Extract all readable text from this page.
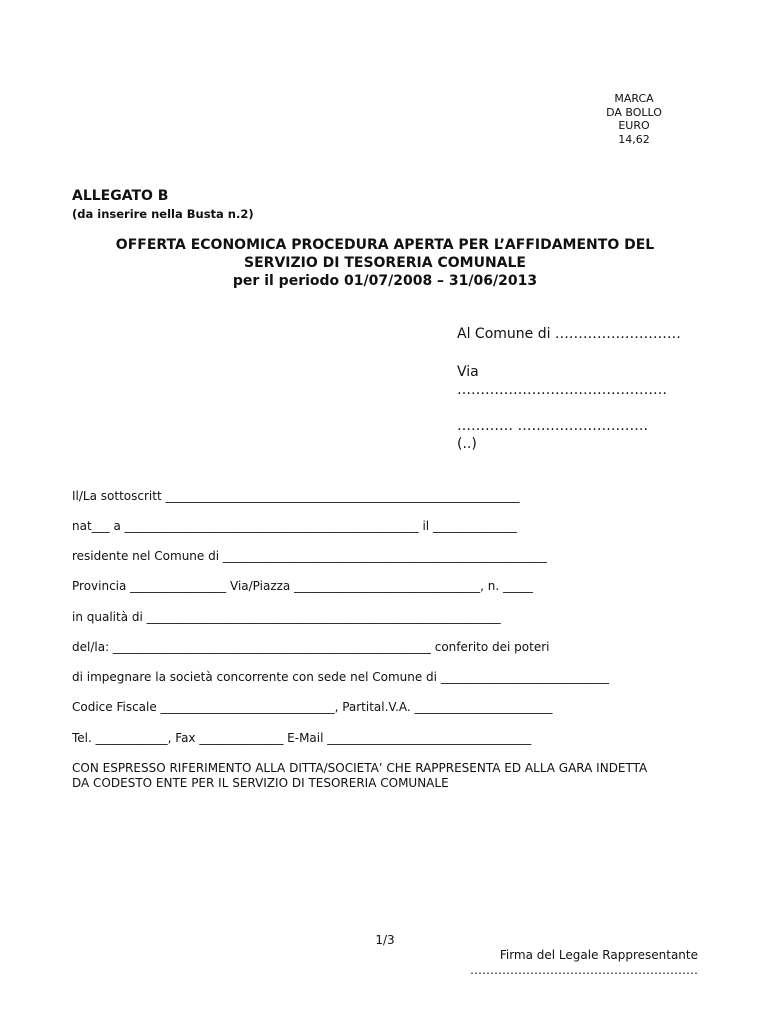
MARCA
DA BOLLO
EURO
14,62
ALLEGATO B
(da inserire nella Busta n.2)
OFFERTA ECONOMICA PROCEDURA APERTA PER L’AFFIDAMENTO DEL
SERVIZIO DI TESORERIA COMUNALE
per il periodo 01/07/2008 – 31/06/2013
Al Comune di ………………………
Via
………………………………………
………… ……………………….
(..)
Il/La sottoscritt ___________________________________________________________
nat___ a _________________________________________________ il ______________
residente nel Comune di ______________________________________________________
Provincia ________________ Via/Piazza _______________________________, n. _____
in qualità di ___________________________________________________________
del/la: _____________________________________________________ conferito dei poteri
di impegnare la società concorrente con sede nel Comune di ____________________________
Codice Fiscale _____________________________, Partital.V.A. _______________________
Tel. ____________, Fax ______________ E-Mail __________________________________
CON ESPRESSO RIFERIMENTO ALLA DITTA/SOCIETA’ CHE RAPPRESENTA ED ALLA GARA INDETTA
DA CODESTO ENTE PER IL SERVIZIO DI TESORERIA COMUNALE
1/3
Firma del Legale Rappresentante
…………………………………………………
